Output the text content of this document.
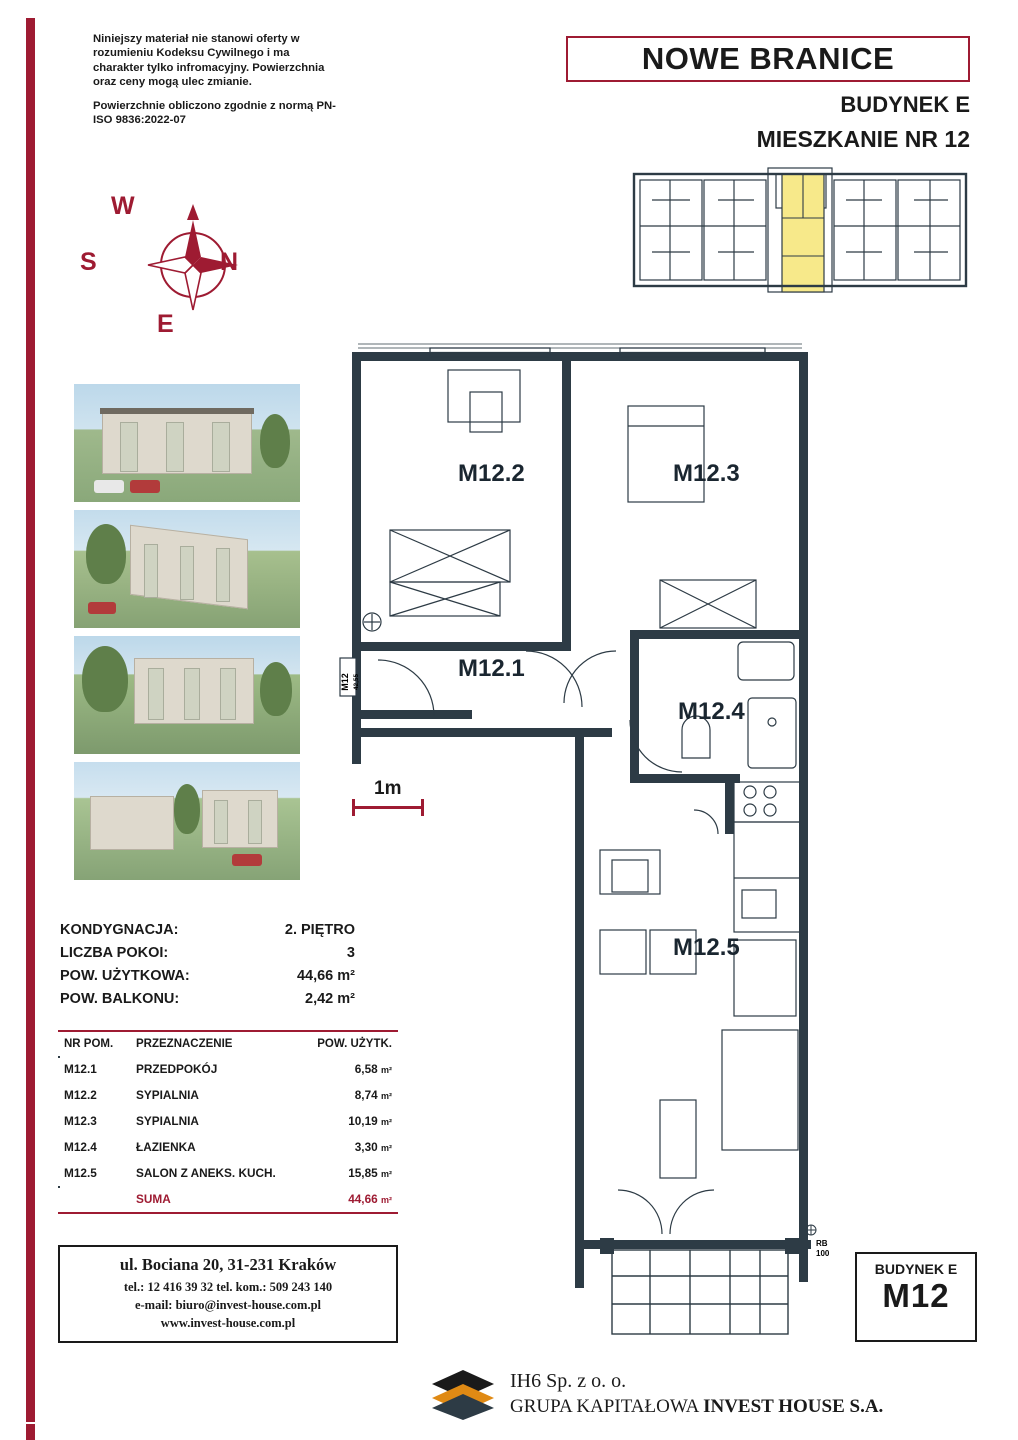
Niniejszy materiał nie stanowi oferty w rozumieniu Kodeksu Cywilnego i ma charakter tylko infromacyjny. Powierzchnia oraz ceny mogą ulec zmianie.
Powierzchnie obliczono zgodnie z normą PN-ISO 9836:2022-07
NOWE BRANICE
BUDYNEK E
MIESZKANIE NR 12
W
S	N
E
M12 42,55
RB
100
M12.2	M12.3
M12.1
M12.4
M12.5
1m
KONDYGNACJA:	2. PIĘTRO
LICZBA POKOI:	3
POW. UŻYTKOWA:	44,66 m²
POW. BALKONU:	2,42 m²
NR POM.	PRZEZNACZENIE	POW. UŻYTK.
M12.1	PRZEDPOKÓJ	6,58 m²
M12.2	SYPIALNIA	8,74 m²
M12.3	SYPIALNIA	10,19 m²
M12.4	ŁAZIENKA	3,30 m²
M12.5	SALON Z ANEKS. KUCH.	15,85 m²
	SUMA	44,66 m²
ul. Bociana 20, 31-231 Kraków
tel.: 12 416 39 32 tel. kom.: 509 243 140
e-mail: biuro@invest-house.com.pl
www.invest-house.com.pl
BUDYNEK E
M12
IH6 Sp. z o. o.
GRUPA KAPITAŁOWA INVEST HOUSE S.A.
